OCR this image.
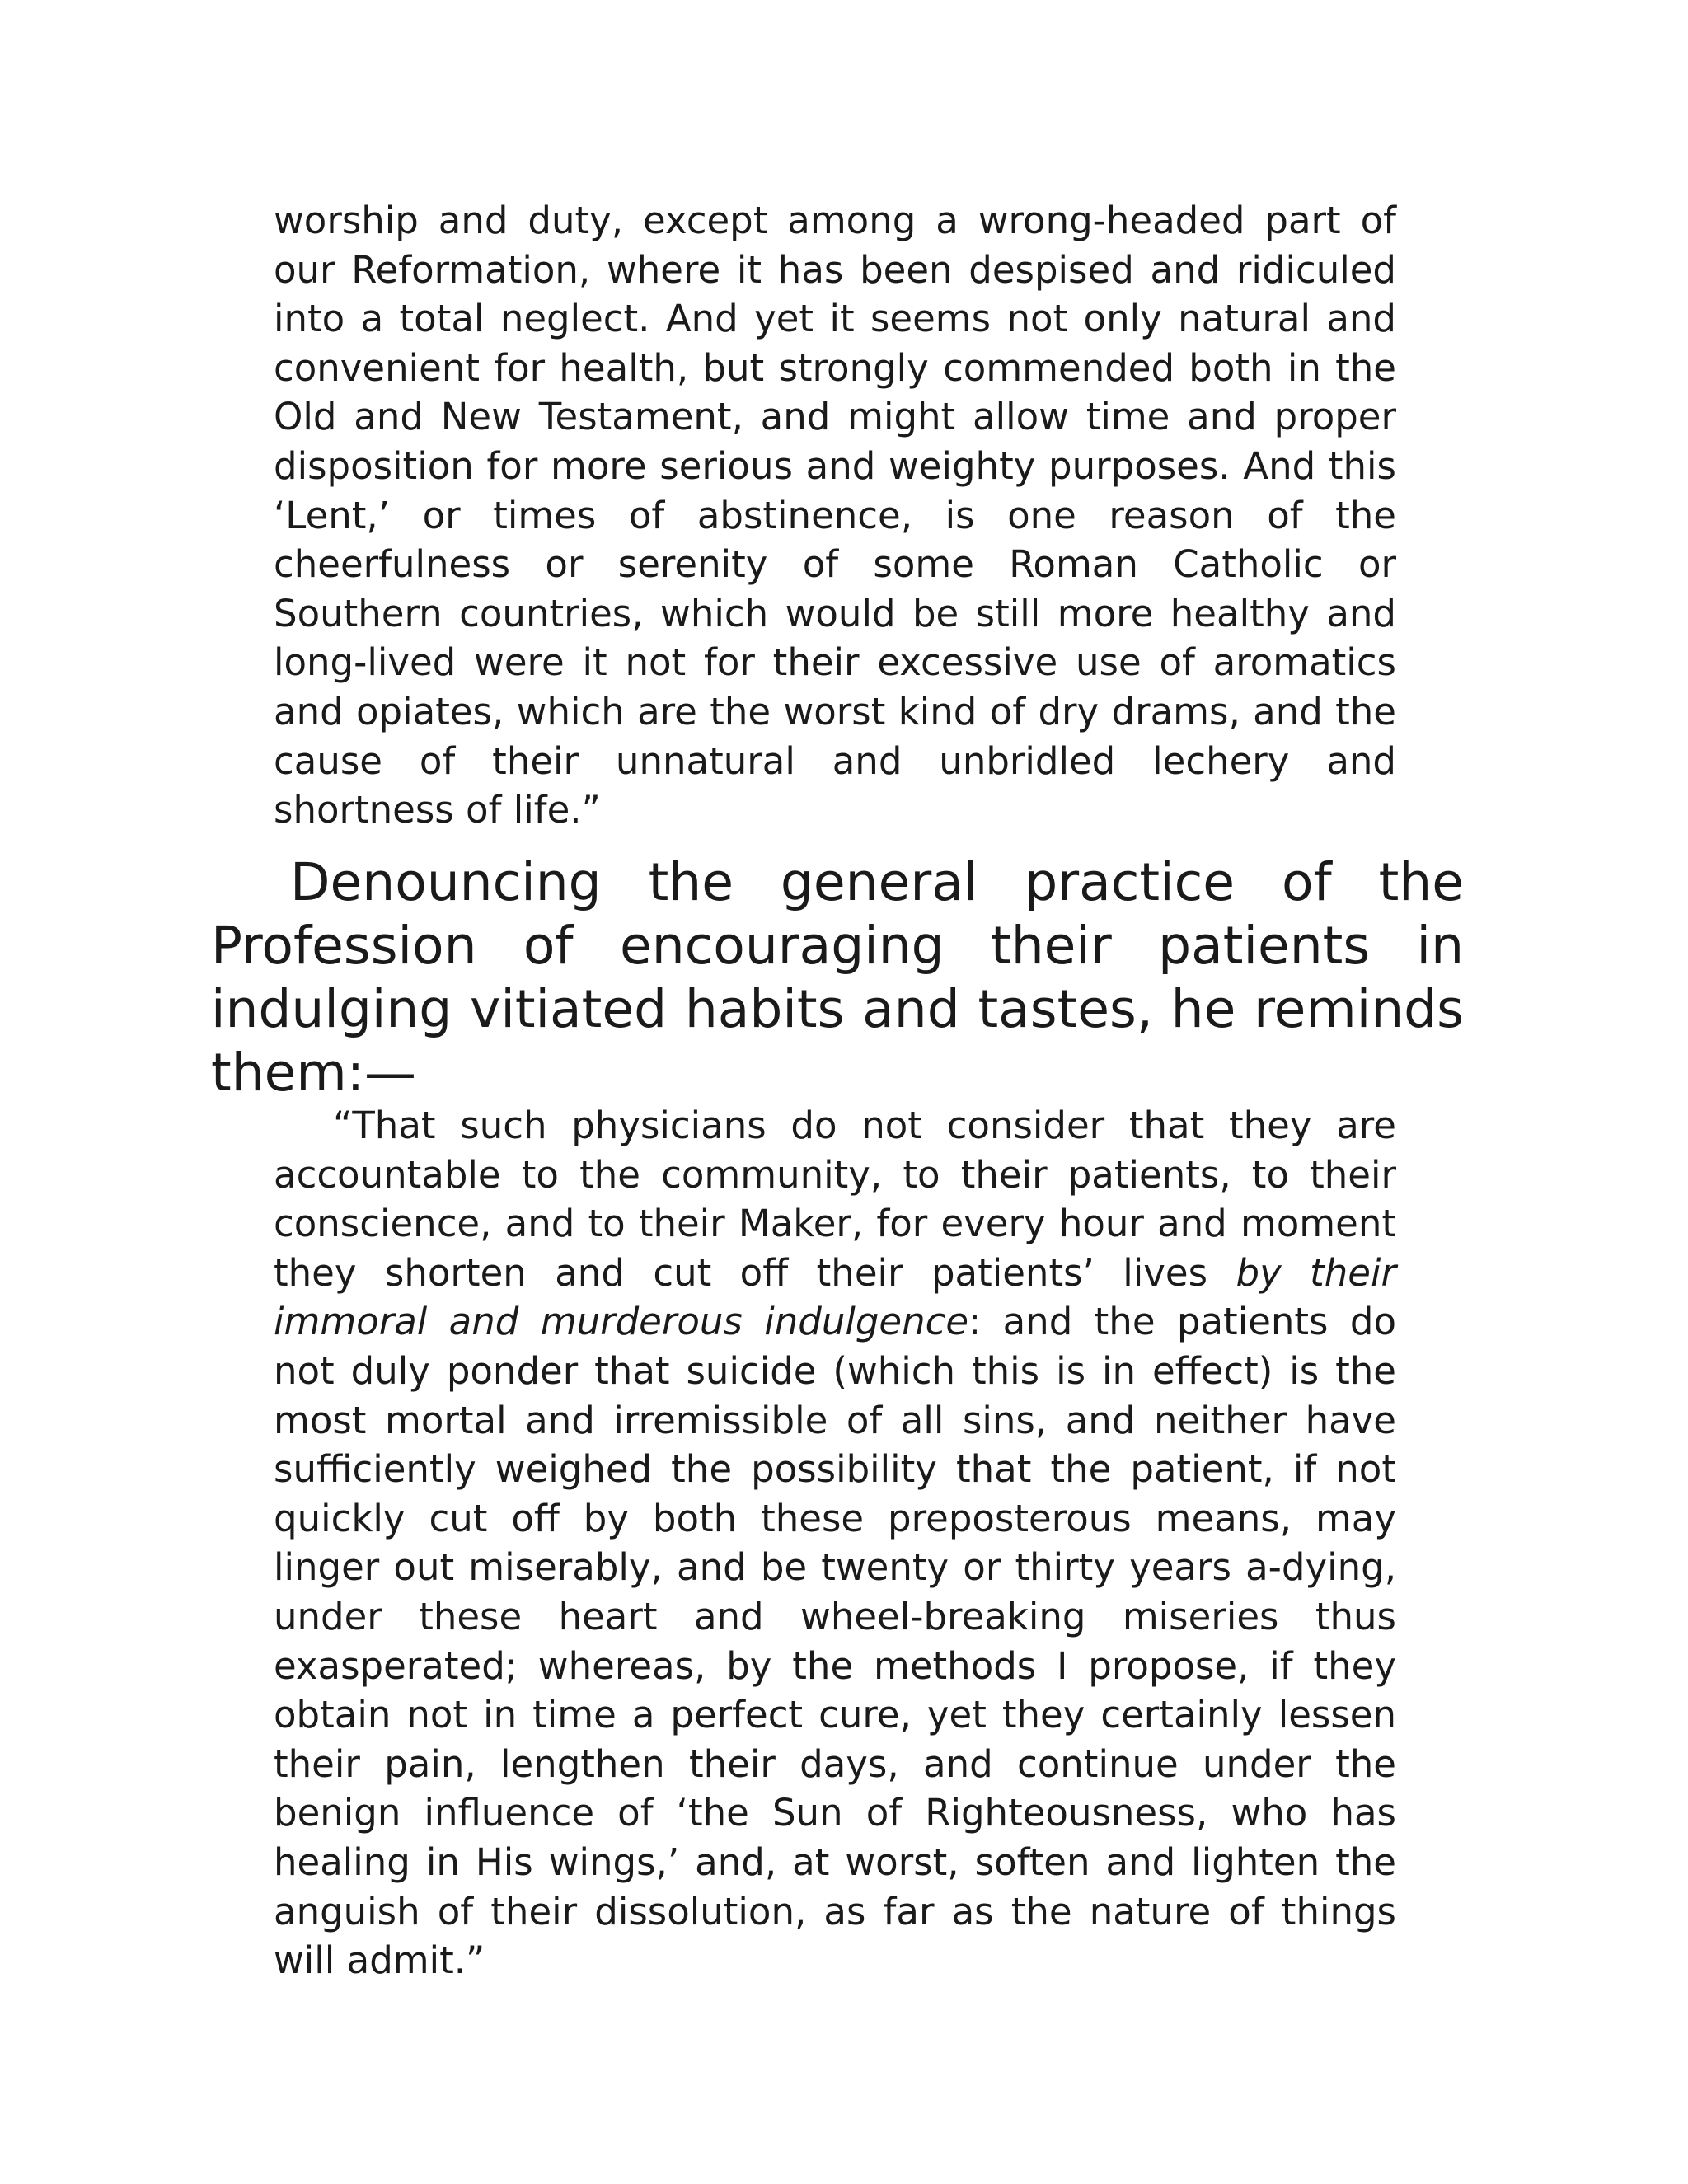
worship and duty, except among a wrong-headed part of our Reformation, where it has been despised and ridiculed into a total neglect. And yet it seems not only natural and convenient for health, but strongly commended both in the Old and New Testament, and might allow time and proper disposition for more serious and weighty purposes. And this ‘Lent,’ or times of abstinence, is one reason of the cheerfulness or serenity of some Roman Catholic or Southern countries, which would be still more healthy and long-lived were it not for their excessive use of aromatics and opiates, which are the worst kind of dry drams, and the cause of their unnatural and unbridled lechery and shortness of life.”

Denouncing the general practice of the Profession of encouraging their patients in indulging vitiated habits and tastes, he reminds them:—

“That such physicians do not consider that they are accountable to the community, to their patients, to their conscience, and to their Maker, for every hour and moment they shorten and cut off their patients’ lives by their immoral and murderous indulgence: and the patients do not duly ponder that suicide (which this is in effect) is the most mortal and irremissible of all sins, and neither have sufficiently weighed the possibility that the patient, if not quickly cut off by both these preposterous means, may linger out miserably, and be twenty or thirty years a-dying, under these heart and wheel-breaking miseries thus exasperated; whereas, by the methods I propose, if they obtain not in time a perfect cure, yet they certainly lessen their pain, lengthen their days, and continue under the benign influence of ‘the Sun of Righteousness, who has healing in His wings,’ and, at worst, soften and lighten the anguish of their dissolution, as far as the nature of things will admit.”
